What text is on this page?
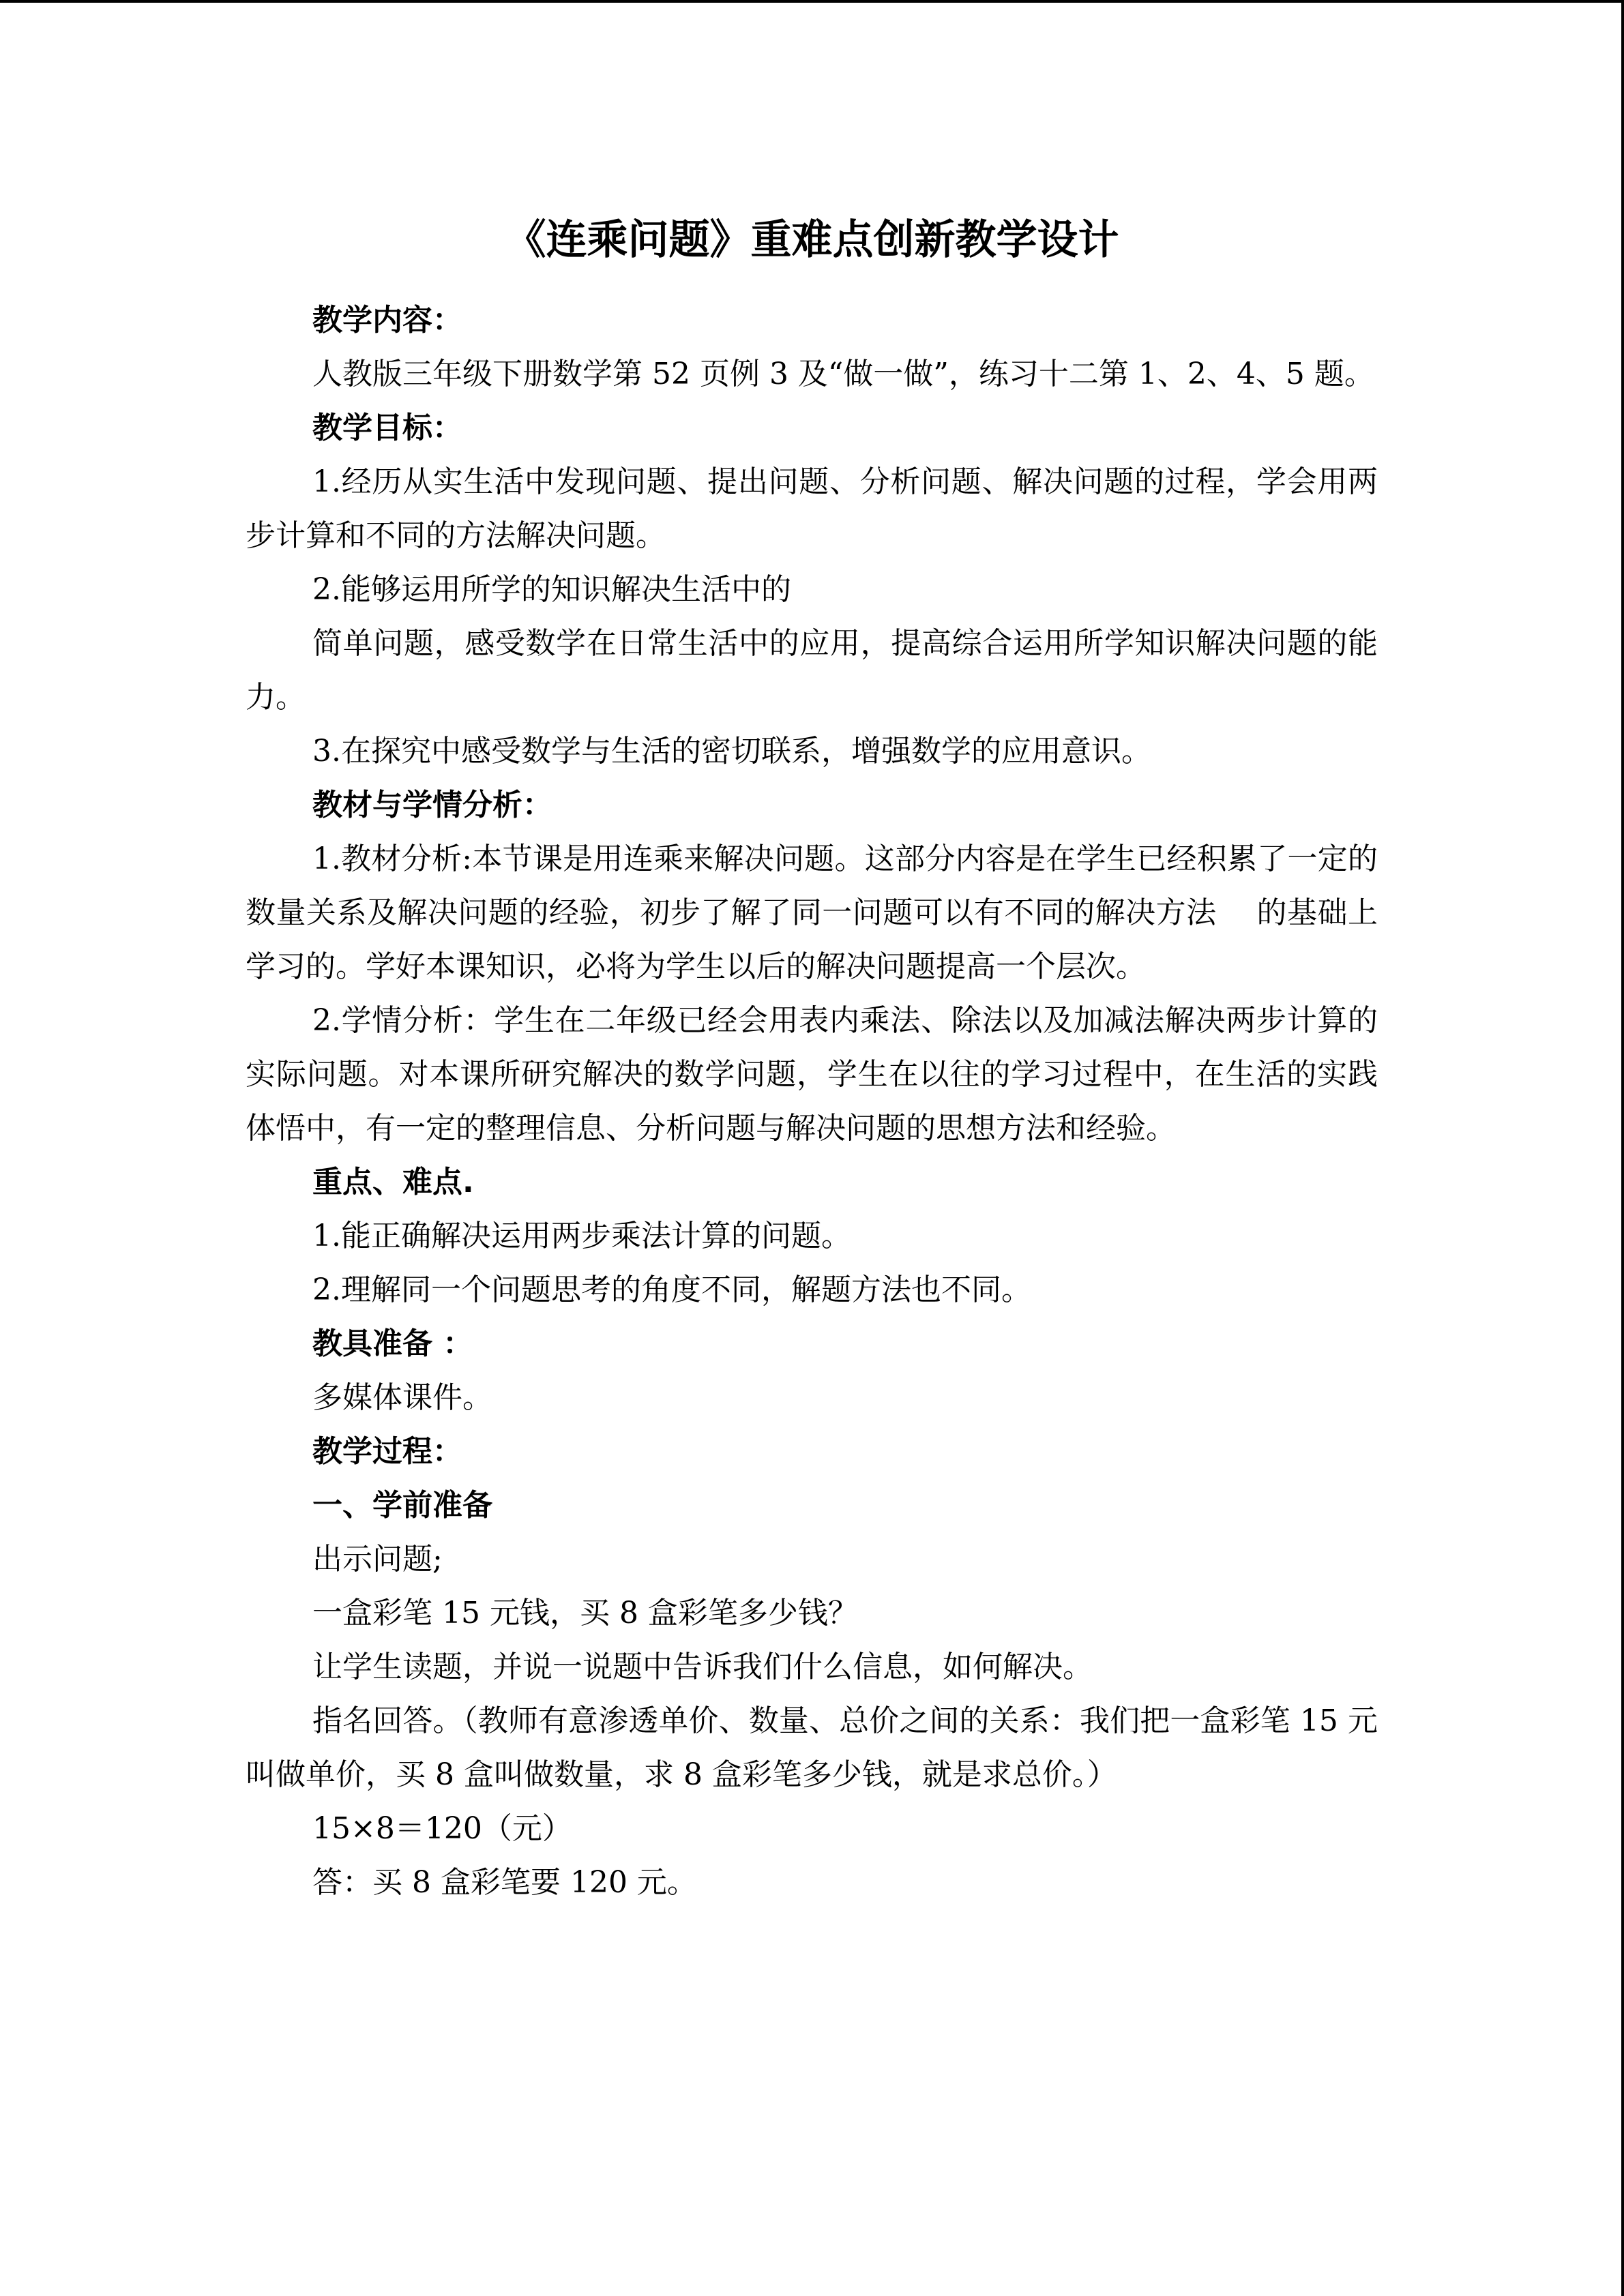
《连乘问题》重难点创新教学设计

教学内容：

人教版三年级下册数学第 52 页例 3 及“做一做”，练习十二第 1、2、4、5 题。

教学目标：

1.经历从实生活中发现问题、提出问题、分析问题、解决问题的过程，学会用两步计算和不同的方法解决问题。

2.能够运用所学的知识解决生活中的

简单问题，感受数学在日常生活中的应用，提高综合运用所学知识解决问题的能力。

3.在探究中感受数学与生活的密切联系，增强数学的应用意识。

教材与学情分析：

1.教材分析:本节课是用连乘来解决问题。这部分内容是在学生已经积累了一定的数量关系及解决问题的经验，初步了解了同一问题可以有不同的解决方法　 的基础上学习的。学好本课知识，必将为学生以后的解决问题提高一个层次。

2.学情分析：学生在二年级已经会用表内乘法、除法以及加减法解决两步计算的实际问题。对本课所研究解决的数学问题，学生在以往的学习过程中，在生活的实践体悟中，有一定的整理信息、分析问题与解决问题的思想方法和经验。

重点、难点.

1.能正确解决运用两步乘法计算的问题。

2.理解同一个问题思考的角度不同，解题方法也不同。

教具准备 ：

多媒体课件。

教学过程：

一、学前准备

出示问题;

一盒彩笔 15 元钱，买 8 盒彩笔多少钱？

让学生读题，并说一说题中告诉我们什么信息，如何解决。

指名回答。（教师有意渗透单价、数量、总价之间的关系：我们把一盒彩笔 15 元叫做单价，买 8 盒叫做数量，求 8 盒彩笔多少钱，就是求总价。）

15×8＝120（元）

答：买 8 盒彩笔要 120 元。
